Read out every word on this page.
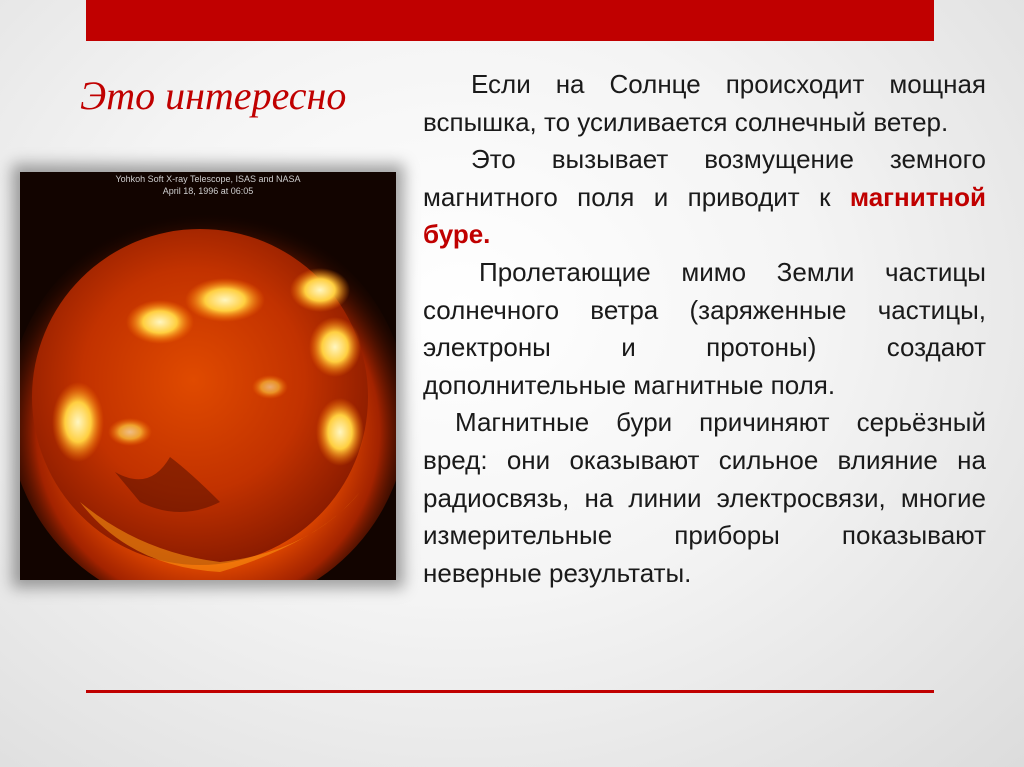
Это интересно
Yohkoh Soft X-ray Telescope, ISAS and NASA
April 18, 1996 at 06:05

Если на Солнце происходит мощная вспышка, то усиливается солнечный ветер.

Это вызывает возмущение земного магнитного поля и приводит к магнитной буре.

Пролетающие мимо Земли частицы солнечного ветра (заряженные частицы, электроны и протоны) создают дополнительные магнитные поля.

Магнитные бури причиняют серьёзный вред: они оказывают сильное влияние на радиосвязь, на линии электросвязи, многие измерительные приборы показывают неверные результаты.
